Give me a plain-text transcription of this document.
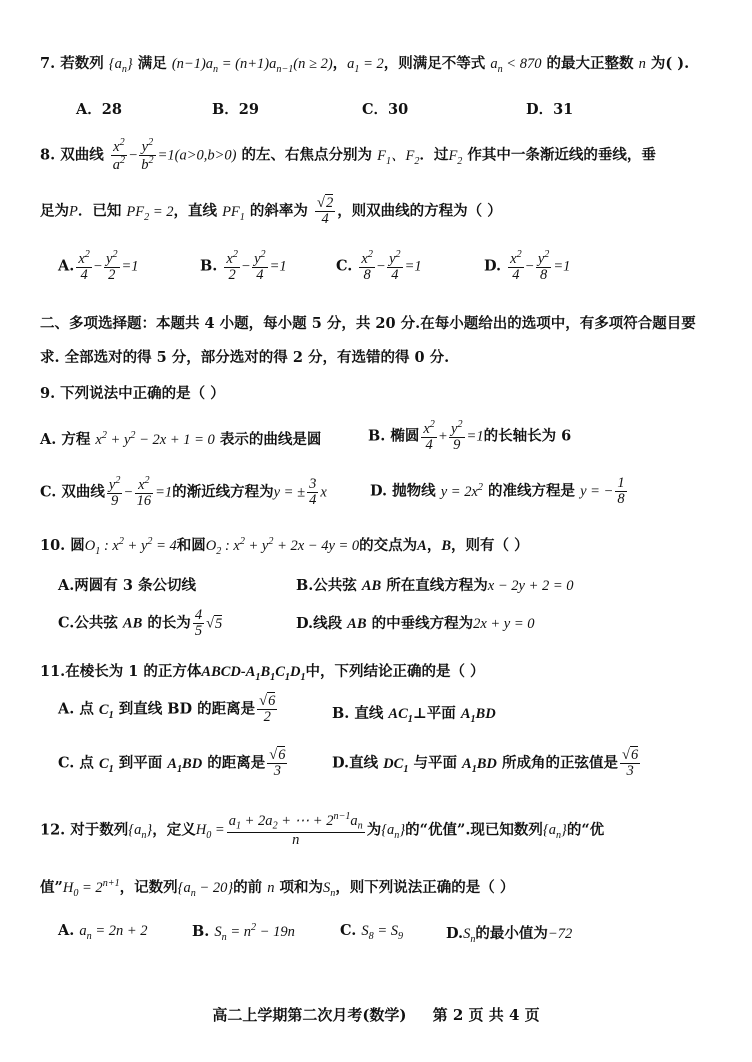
7. 若数列 $\{a_n\}$ 满足 $(n-1)a_n = (n+1)a_{n-1}(n \ge 2)$，$a_1 = 2$，则满足不等式 $a_n < 870$ 的最大正整数 n 为( ).
A．28	B．29	C．30	D．31
8. 双曲线 $\frac{x^2}{a^2} - \frac{y^2}{b^2} =1(a>0,b>0)$ 的左、右焦点分别为 $F_1$、$F_2$．过$F_2$ 作其中一条渐近线的垂线，垂
足为P．已知 $PF_2 = 2$，直线 $PF_1$ 的斜率为 $\frac{√2}{4}$ ，则双曲线的方程为（ ）
A. $\frac{x^2}{4} - \frac{y^2}{2} =1$	B. $\frac{x^2}{2} - \frac{y^2}{4} =1$	C. $\frac{x^2}{8} - \frac{y^2}{4} =1$	D. $\frac{x^2}{4} - \frac{y^2}{8} =1$
二、多项选择题：本题共 4 小题，每小题 5 分，共 20 分.在每小题给出的选项中，有多项符合题目要
求. 全部选对的得 5 分，部分选对的得 2 分，有选错的得 0 分.
9. 下列说法中正确的是（ ）
A. 方程 $x^2 + y^2 - 2x + 1 = 0$ 表示的曲线是圆	B. 椭圆 $\frac{x^2}{4} + \frac{y^2}{9} =1$的长轴长为 6
C. 双曲线 $\frac{y^2}{9} - \frac{x^2}{16} =1$的渐近线方程为y = ± $\frac{3}{4}$ x	D. 抛物线 $y = 2x^2$ 的准线方程是 y = − $\frac{1}{8}$
10. 圆$O_1$ : $x^2 + y^2 = 4$和圆$O_2$ : $x^2 + y^2 + 2x - 4y = 0$的交点为A，B，则有（ ）
A.两圆有 3 条公切线	B.公共弦 AB 所在直线方程为x − 2y + 2 = 0
C.公共弦 AB 的长为 $\frac{4}{5} √5$	D.线段 AB 的中垂线方程为2x + y = 0
11.在棱长为 1 的正方体ABCD-$A_1B_1C_1D_1$中，下列结论正确的是（ ）
A. 点 $C_1$ 到直线 BD 的距离是 $\frac{√6}{2}$	B. 直线 $AC_1\perp$平面 $A_1BD$
C. 点 $C_1$ 到平面 $A_1BD$ 的距离是 $\frac{√6}{3}$	D.直线 $DC_1$ 与平面 $A_1BD$ 所成角的正弦值是 $\frac{√6}{3}$
12. 对于数列$\{a_n\}$，定义$H_0 = \frac{a_1 + 2a_2 + \cdots + 2^{n-1}a_n}{n}$ 为$\{a_n\}$的“优值”.现已知数列$\{a_n\}$的“优
值$”H_0 = 2^{n+1}$，记数列$\{a_n - 20\}$的前 n 项和为$S_n$，则下列说法正确的是（ ）
A. $a_n = 2n + 2$	B. $S_n = n^2 - 19n$	C. $S_8 = S_9$	$D.S_n$的最小值为−72
高二上学期第二次月考(数学) 第 2 页 共 4 页
